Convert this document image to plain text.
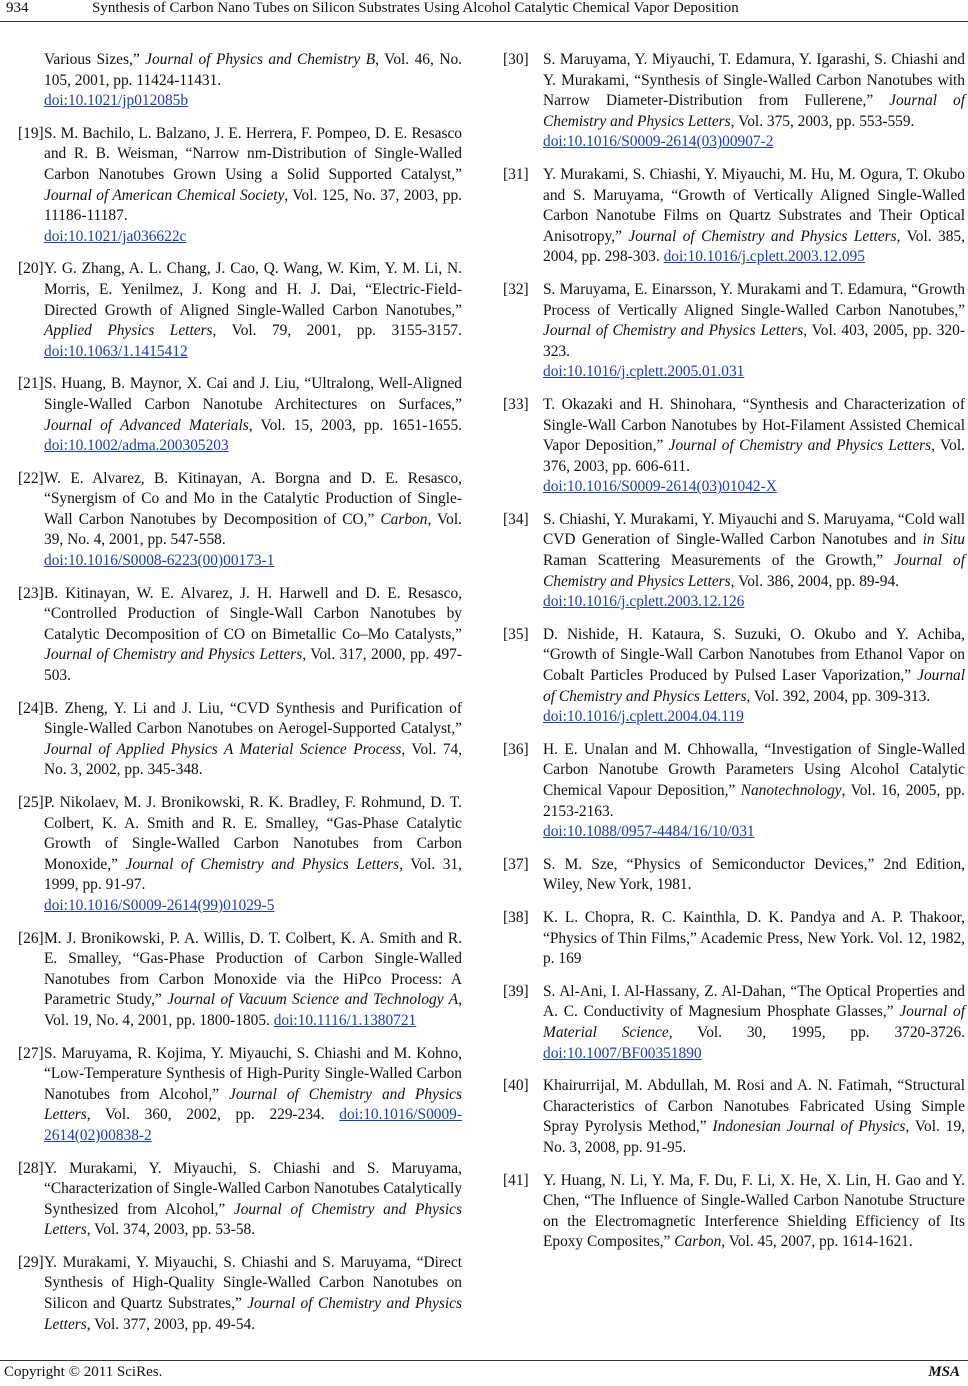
934	Synthesis of Carbon Nano Tubes on Silicon Substrates Using Alcohol Catalytic Chemical Vapor Deposition
Various Sizes,” Journal of Physics and Chemistry B, Vol. 46, No. 105, 2001, pp. 11424-11431.
doi:10.1021/jp012085b
[19] S. M. Bachilo, L. Balzano, J. E. Herrera, F. Pompeo, D. E. Resasco and R. B. Weisman, “Narrow nm-Distribution of Single-Walled Carbon Nanotubes Grown Using a Solid Supported Catalyst,” Journal of American Chemical Society, Vol. 125, No. 37, 2003, pp. 11186-11187.
doi:10.1021/ja036622c
[20] Y. G. Zhang, A. L. Chang, J. Cao, Q. Wang, W. Kim, Y. M. Li, N. Morris, E. Yenilmez, J. Kong and H. J. Dai, “Electric-Field-Directed Growth of Aligned Single-Walled Carbon Nanotubes,” Applied Physics Letters, Vol. 79, 2001, pp. 3155-3157. doi:10.1063/1.1415412
[21] S. Huang, B. Maynor, X. Cai and J. Liu, “Ultralong, Well-Aligned Single-Walled Carbon Nanotube Architectures on Surfaces,” Journal of Advanced Materials, Vol. 15, 2003, pp. 1651-1655. doi:10.1002/adma.200305203
[22] W. E. Alvarez, B. Kitinayan, A. Borgna and D. E. Resasco, “Synergism of Co and Mo in the Catalytic Production of Single-Wall Carbon Nanotubes by Decomposition of CO,” Carbon, Vol. 39, No. 4, 2001, pp. 547-558.
doi:10.1016/S0008-6223(00)00173-1
[23] B. Kitinayan, W. E. Alvarez, J. H. Harwell and D. E. Resasco, “Controlled Production of Single-Wall Carbon Nanotubes by Catalytic Decomposition of CO on Bimetallic Co–Mo Catalysts,” Journal of Chemistry and Physics Letters, Vol. 317, 2000, pp. 497-503.
[24] B. Zheng, Y. Li and J. Liu, “CVD Synthesis and Purification of Single-Walled Carbon Nanotubes on Aerogel-Supported Catalyst,” Journal of Applied Physics A Material Science Process, Vol. 74, No. 3, 2002, pp. 345-348.
[25] P. Nikolaev, M. J. Bronikowski, R. K. Bradley, F. Rohmund, D. T. Colbert, K. A. Smith and R. E. Smalley, “Gas-Phase Catalytic Growth of Single-Walled Carbon Nanotubes from Carbon Monoxide,” Journal of Chemistry and Physics Letters, Vol. 31, 1999, pp. 91-97.
doi:10.1016/S0009-2614(99)01029-5
[26] M. J. Bronikowski, P. A. Willis, D. T. Colbert, K. A. Smith and R. E. Smalley, “Gas-Phase Production of Carbon Single-Walled Nanotubes from Carbon Monoxide via the HiPco Process: A Parametric Study,” Journal of Vacuum Science and Technology A, Vol. 19, No. 4, 2001, pp. 1800-1805. doi:10.1116/1.1380721
[27] S. Maruyama, R. Kojima, Y. Miyauchi, S. Chiashi and M. Kohno, “Low-Temperature Synthesis of High-Purity Single-Walled Carbon Nanotubes from Alcohol,” Journal of Chemistry and Physics Letters, Vol. 360, 2002, pp. 229-234. doi:10.1016/S0009-2614(02)00838-2
[28] Y. Murakami, Y. Miyauchi, S. Chiashi and S. Maruyama, “Characterization of Single-Walled Carbon Nanotubes Catalytically Synthesized from Alcohol,” Journal of Chemistry and Physics Letters, Vol. 374, 2003, pp. 53-58.
[29] Y. Murakami, Y. Miyauchi, S. Chiashi and S. Maruyama, “Direct Synthesis of High-Quality Single-Walled Carbon Nanotubes on Silicon and Quartz Substrates,” Journal of Chemistry and Physics Letters, Vol. 377, 2003, pp. 49-54.
[30] S. Maruyama, Y. Miyauchi, T. Edamura, Y. Igarashi, S. Chiashi and Y. Murakami, “Synthesis of Single-Walled Carbon Nanotubes with Narrow Diameter-Distribution from Fullerene,” Journal of Chemistry and Physics Letters, Vol. 375, 2003, pp. 553-559.
doi:10.1016/S0009-2614(03)00907-2
[31] Y. Murakami, S. Chiashi, Y. Miyauchi, M. Hu, M. Ogura, T. Okubo and S. Maruyama, “Growth of Vertically Aligned Single-Walled Carbon Nanotube Films on Quartz Substrates and Their Optical Anisotropy,” Journal of Chemistry and Physics Letters, Vol. 385, 2004, pp. 298-303. doi:10.1016/j.cplett.2003.12.095
[32] S. Maruyama, E. Einarsson, Y. Murakami and T. Edamura, “Growth Process of Vertically Aligned Single-Walled Carbon Nanotubes,” Journal of Chemistry and Physics Letters, Vol. 403, 2005, pp. 320-323.
doi:10.1016/j.cplett.2005.01.031
[33] T. Okazaki and H. Shinohara, “Synthesis and Characterization of Single-Wall Carbon Nanotubes by Hot-Filament Assisted Chemical Vapor Deposition,” Journal of Chemistry and Physics Letters, Vol. 376, 2003, pp. 606-611.
doi:10.1016/S0009-2614(03)01042-X
[34] S. Chiashi, Y. Murakami, Y. Miyauchi and S. Maruyama, “Cold wall CVD Generation of Single-Walled Carbon Nanotubes and in Situ Raman Scattering Measurements of the Growth,” Journal of Chemistry and Physics Letters, Vol. 386, 2004, pp. 89-94.
doi:10.1016/j.cplett.2003.12.126
[35] D. Nishide, H. Kataura, S. Suzuki, O. Okubo and Y. Achiba, “Growth of Single-Wall Carbon Nanotubes from Ethanol Vapor on Cobalt Particles Produced by Pulsed Laser Vaporization,” Journal of Chemistry and Physics Letters, Vol. 392, 2004, pp. 309-313.
doi:10.1016/j.cplett.2004.04.119
[36] H. E. Unalan and M. Chhowalla, “Investigation of Single-Walled Carbon Nanotube Growth Parameters Using Alcohol Catalytic Chemical Vapour Deposition,” Nanotechnology, Vol. 16, 2005, pp. 2153-2163.
doi:10.1088/0957-4484/16/10/031
[37] S. M. Sze, “Physics of Semiconductor Devices,” 2nd Edition, Wiley, New York, 1981.
[38] K. L. Chopra, R. C. Kainthla, D. K. Pandya and A. P. Thakoor, “Physics of Thin Films,” Academic Press, New York. Vol. 12, 1982, p. 169
[39] S. Al-Ani, I. Al-Hassany, Z. Al-Dahan, “The Optical Properties and A. C. Conductivity of Magnesium Phosphate Glasses,” Journal of Material Science, Vol. 30, 1995, pp. 3720-3726. doi:10.1007/BF00351890
[40] Khairurrijal, M. Abdullah, M. Rosi and A. N. Fatimah, “Structural Characteristics of Carbon Nanotubes Fabricated Using Simple Spray Pyrolysis Method,” Indonesian Journal of Physics, Vol. 19, No. 3, 2008, pp. 91-95.
[41] Y. Huang, N. Li, Y. Ma, F. Du, F. Li, X. He, X. Lin, H. Gao and Y. Chen, “The Influence of Single-Walled Carbon Nanotube Structure on the Electromagnetic Interference Shielding Efficiency of Its Epoxy Composites,” Carbon, Vol. 45, 2007, pp. 1614-1621.
Copyright © 2011 SciRes.	MSA
